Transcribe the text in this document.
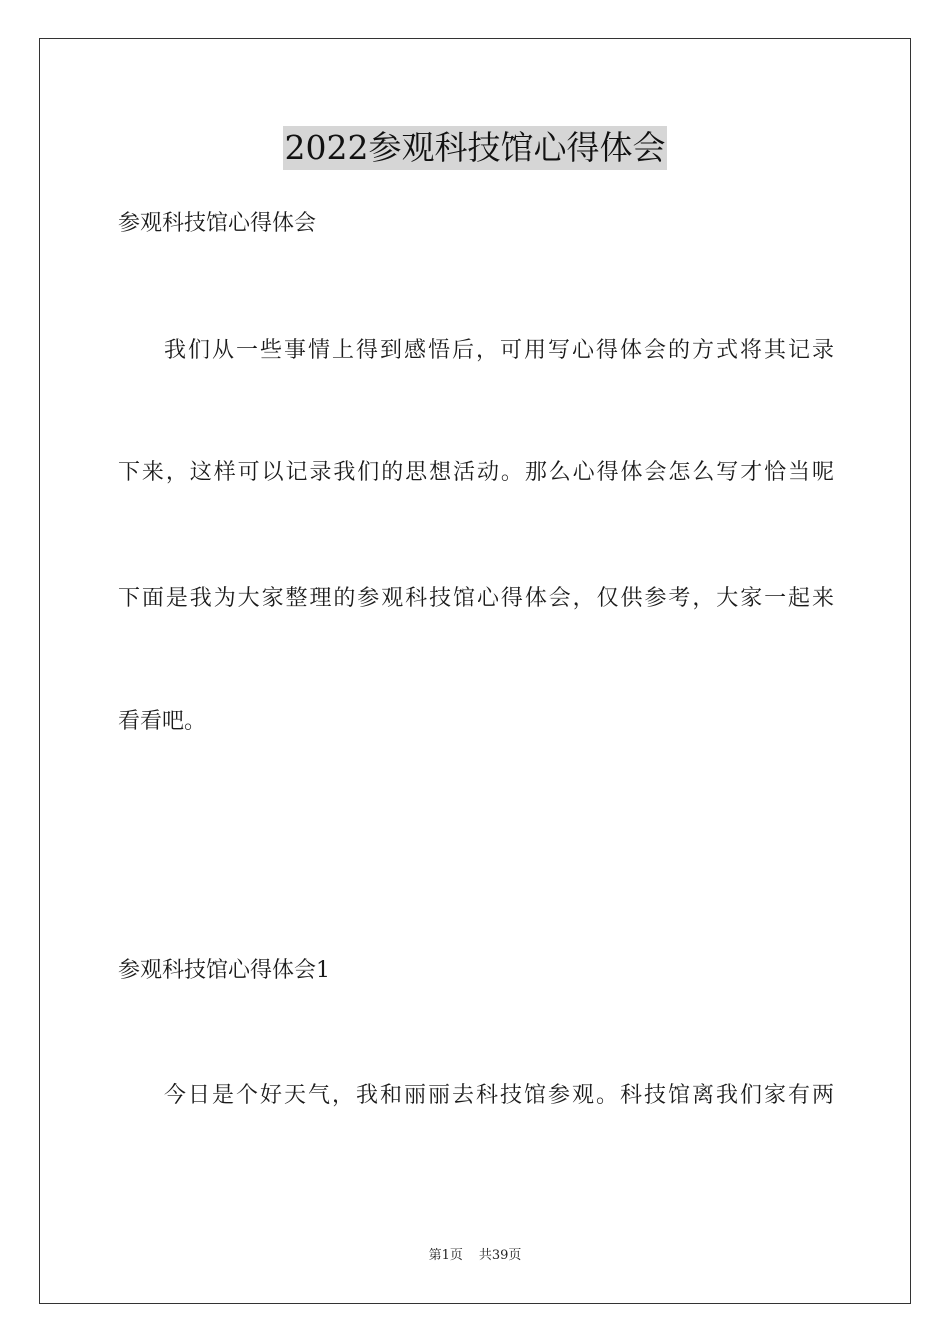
2022参观科技馆心得体会
参观科技馆心得体会
我们从一些事情上得到感悟后，可用写心得体会的方式将其记录
下来，这样可以记录我们的思想活动。那么心得体会怎么写才恰当呢
下面是我为大家整理的参观科技馆心得体会，仅供参考，大家一起来
看看吧。
参观科技馆心得体会1
今日是个好天气，我和丽丽去科技馆参观。科技馆离我们家有两
第1页 共39页
